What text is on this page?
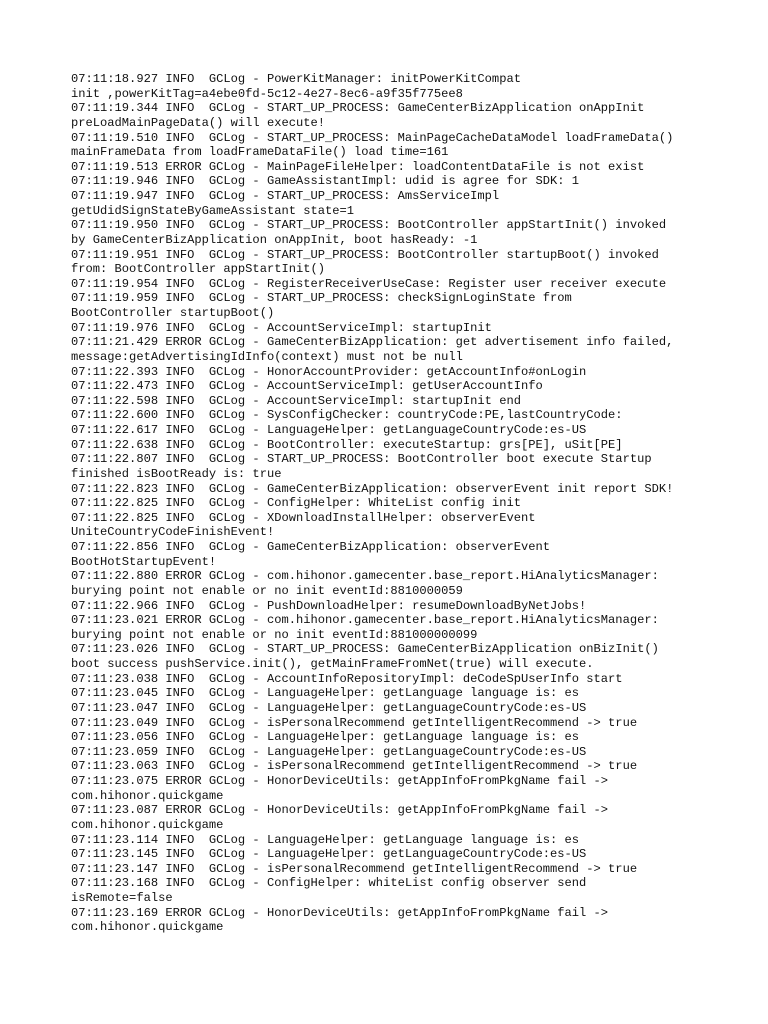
07:11:18.927 INFO  GCLog - PowerKitManager: initPowerKitCompat
init ,powerKitTag=a4ebe0fd-5c12-4e27-8ec6-a9f35f775ee8
07:11:19.344 INFO  GCLog - START_UP_PROCESS: GameCenterBizApplication onAppInit
preLoadMainPageData() will execute!
07:11:19.510 INFO  GCLog - START_UP_PROCESS: MainPageCacheDataModel loadFrameData()
mainFrameData from loadFrameDataFile() load time=161
07:11:19.513 ERROR GCLog - MainPageFileHelper: loadContentDataFile is not exist
07:11:19.946 INFO  GCLog - GameAssistantImpl: udid is agree for SDK: 1
07:11:19.947 INFO  GCLog - START_UP_PROCESS: AmsServiceImpl
getUdidSignStateByGameAssistant state=1
07:11:19.950 INFO  GCLog - START_UP_PROCESS: BootController appStartInit() invoked
by GameCenterBizApplication onAppInit, boot hasReady: -1
07:11:19.951 INFO  GCLog - START_UP_PROCESS: BootController startupBoot() invoked
from: BootController appStartInit()
07:11:19.954 INFO  GCLog - RegisterReceiverUseCase: Register user receiver execute
07:11:19.959 INFO  GCLog - START_UP_PROCESS: checkSignLoginState from
BootController startupBoot()
07:11:19.976 INFO  GCLog - AccountServiceImpl: startupInit
07:11:21.429 ERROR GCLog - GameCenterBizApplication: get advertisement info failed,
message:getAdvertisingIdInfo(context) must not be null
07:11:22.393 INFO  GCLog - HonorAccountProvider: getAccountInfo#onLogin
07:11:22.473 INFO  GCLog - AccountServiceImpl: getUserAccountInfo
07:11:22.598 INFO  GCLog - AccountServiceImpl: startupInit end
07:11:22.600 INFO  GCLog - SysConfigChecker: countryCode:PE,lastCountryCode:
07:11:22.617 INFO  GCLog - LanguageHelper: getLanguageCountryCode:es-US
07:11:22.638 INFO  GCLog - BootController: executeStartup: grs[PE], uSit[PE]
07:11:22.807 INFO  GCLog - START_UP_PROCESS: BootController boot execute Startup
finished isBootReady is: true
07:11:22.823 INFO  GCLog - GameCenterBizApplication: observerEvent init report SDK!
07:11:22.825 INFO  GCLog - ConfigHelper: WhiteList config init
07:11:22.825 INFO  GCLog - XDownloadInstallHelper: observerEvent
UniteCountryCodeFinishEvent!
07:11:22.856 INFO  GCLog - GameCenterBizApplication: observerEvent
BootHotStartupEvent!
07:11:22.880 ERROR GCLog - com.hihonor.gamecenter.base_report.HiAnalyticsManager:
burying point not enable or no init eventId:8810000059
07:11:22.966 INFO  GCLog - PushDownloadHelper: resumeDownloadByNetJobs!
07:11:23.021 ERROR GCLog - com.hihonor.gamecenter.base_report.HiAnalyticsManager:
burying point not enable or no init eventId:881000000099
07:11:23.026 INFO  GCLog - START_UP_PROCESS: GameCenterBizApplication onBizInit()
boot success pushService.init(), getMainFrameFromNet(true) will execute.
07:11:23.038 INFO  GCLog - AccountInfoRepositoryImpl: deCodeSpUserInfo start
07:11:23.045 INFO  GCLog - LanguageHelper: getLanguage language is: es
07:11:23.047 INFO  GCLog - LanguageHelper: getLanguageCountryCode:es-US
07:11:23.049 INFO  GCLog - isPersonalRecommend getIntelligentRecommend -> true
07:11:23.056 INFO  GCLog - LanguageHelper: getLanguage language is: es
07:11:23.059 INFO  GCLog - LanguageHelper: getLanguageCountryCode:es-US
07:11:23.063 INFO  GCLog - isPersonalRecommend getIntelligentRecommend -> true
07:11:23.075 ERROR GCLog - HonorDeviceUtils: getAppInfoFromPkgName fail ->
com.hihonor.quickgame
07:11:23.087 ERROR GCLog - HonorDeviceUtils: getAppInfoFromPkgName fail ->
com.hihonor.quickgame
07:11:23.114 INFO  GCLog - LanguageHelper: getLanguage language is: es
07:11:23.145 INFO  GCLog - LanguageHelper: getLanguageCountryCode:es-US
07:11:23.147 INFO  GCLog - isPersonalRecommend getIntelligentRecommend -> true
07:11:23.168 INFO  GCLog - ConfigHelper: whiteList config observer send
isRemote=false
07:11:23.169 ERROR GCLog - HonorDeviceUtils: getAppInfoFromPkgName fail ->
com.hihonor.quickgame
